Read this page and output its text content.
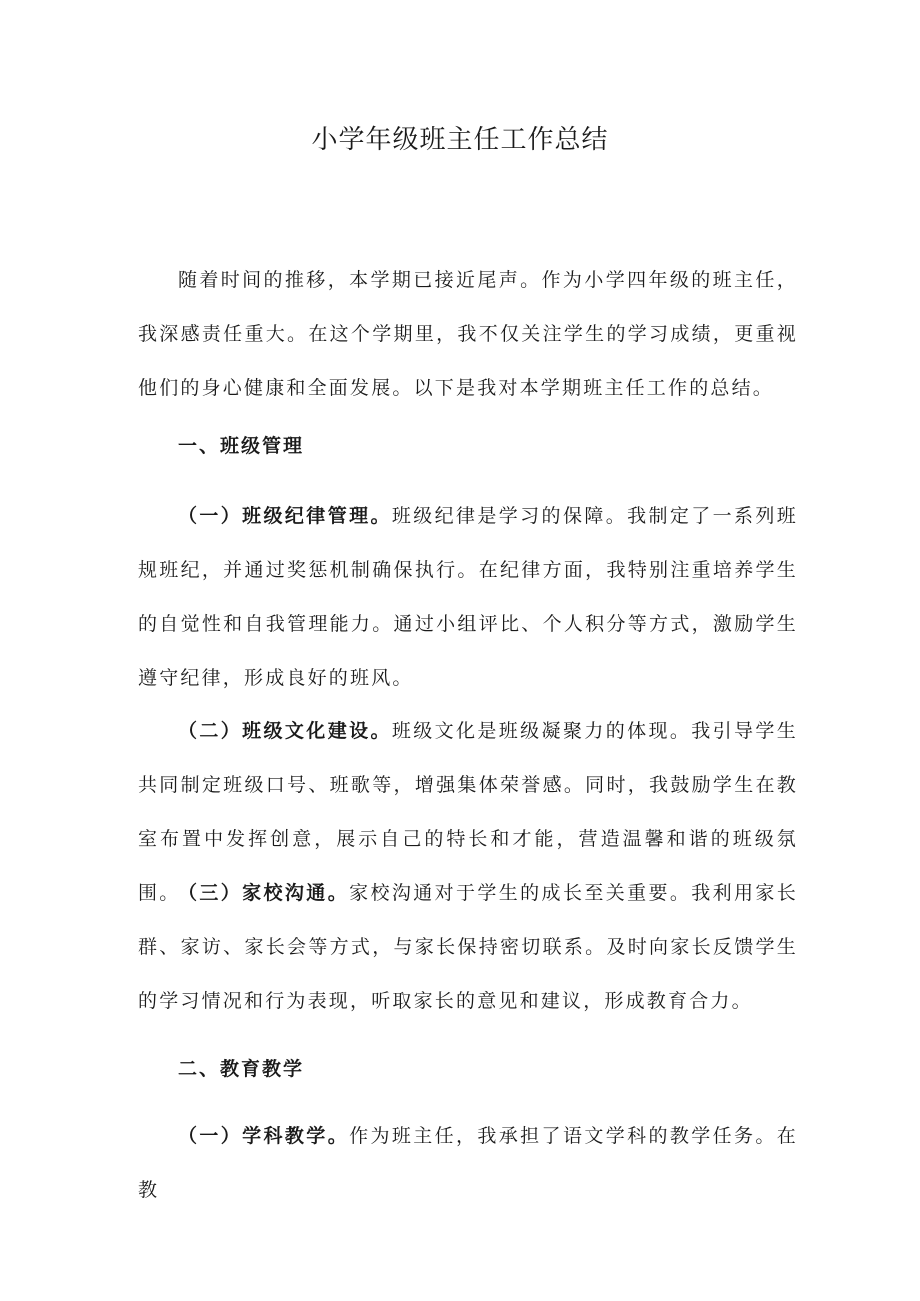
小学年级班主任工作总结

随着时间的推移，本学期已接近尾声。作为小学四年级的班主任，我深感责任重大。在这个学期里，我不仅关注学生的学习成绩，更重视他们的身心健康和全面发展。以下是我对本学期班主任工作的总结。

一、班级管理

（一）班级纪律管理。班级纪律是学习的保障。我制定了一系列班规班纪，并通过奖惩机制确保执行。在纪律方面，我特别注重培养学生的自觉性和自我管理能力。通过小组评比、个人积分等方式，激励学生遵守纪律，形成良好的班风。

（二）班级文化建设。班级文化是班级凝聚力的体现。我引导学生共同制定班级口号、班歌等，增强集体荣誉感。同时，我鼓励学生在教室布置中发挥创意，展示自己的特长和才能，营造温馨和谐的班级氛围。

（三）家校沟通。家校沟通对于学生的成长至关重要。我利用家长群、家访、家长会等方式，与家长保持密切联系。及时向家长反馈学生的学习情况和行为表现，听取家长的意见和建议，形成教育合力。

二、教育教学

（一）学科教学。作为班主任，我承担了语文学科的教学任务。在教
